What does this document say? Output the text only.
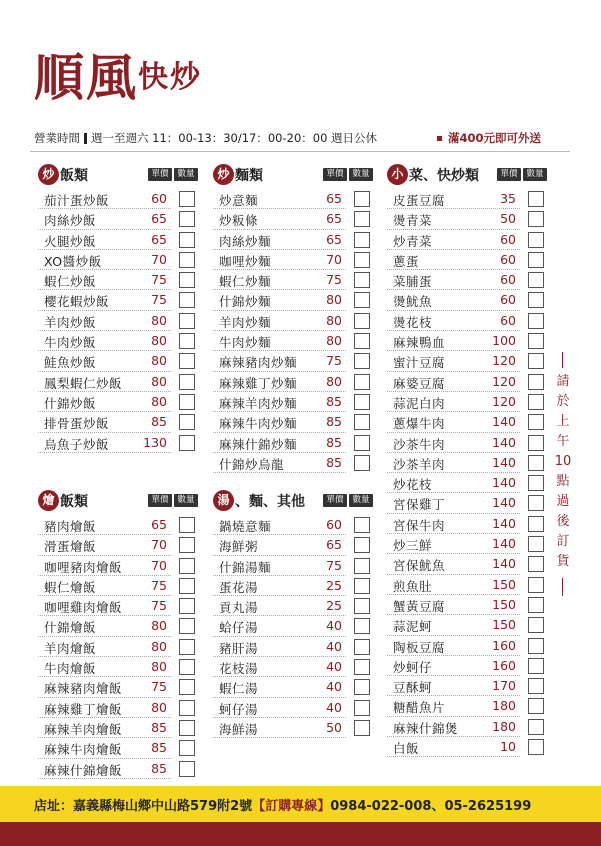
順風快炒
營業時間 週一至週六 11：00-13：30/17：00-20：00 週日公休	滿400元即可外送
炒 飯類	單價	數量
茄汁蛋炒飯	60
肉絲炒飯	65
火腿炒飯	65
XO醬炒飯	70
蝦仁炒飯	75
櫻花蝦炒飯	75
羊肉炒飯	80
牛肉炒飯	80
鮭魚炒飯	80
鳳梨蝦仁炒飯	80
什錦炒飯	80
排骨蛋炒飯	85
烏魚子炒飯	130
炒 麵類	單價	數量
炒意麵	65
炒粄條	65
肉絲炒麵	65
咖哩炒麵	70
蝦仁炒麵	75
什錦炒麵	80
羊肉炒麵	80
牛肉炒麵	80
麻辣豬肉炒麵	75
麻辣雞丁炒麵	80
麻辣羊肉炒麵	85
麻辣牛肉炒麵	85
麻辣什錦炒麵	85
什錦炒烏龍	85
燴 飯類	單價	數量
豬肉燴飯	65
滑蛋燴飯	70
咖哩豬肉燴飯	70
蝦仁燴飯	75
咖哩雞肉燴飯	75
什錦燴飯	80
羊肉燴飯	80
牛肉燴飯	80
麻辣豬肉燴飯	75
麻辣雞丁燴飯	80
麻辣羊肉燴飯	85
麻辣牛肉燴飯	85
麻辣什錦燴飯	85
湯 、麵、其他	單價	數量
鍋燒意麵	60
海鮮粥	65
什錦湯麵	75
蛋花湯	25
貢丸湯	25
蛤仔湯	40
豬肝湯	40
花枝湯	40
蝦仁湯	40
蚵仔湯	40
海鮮湯	50
小 菜、快炒類	單價	數量
皮蛋豆腐	35
燙青菜	50
炒青菜	60
蔥蛋	60
菜脯蛋	60
燙魷魚	60
燙花枝	60
麻辣鴨血	100
蜜汁豆腐	120
麻婆豆腐	120
蒜泥白肉	120
蔥爆牛肉	140
沙茶牛肉	140
沙茶羊肉	140
炒花枝	140
宮保雞丁	140
宮保牛肉	140
炒三鮮	140
宮保魷魚	140
煎魚肚	150
蟹黃豆腐	150
蒜泥蚵	150
陶板豆腐	160
炒蚵仔	160
豆酥蚵	170
糖醋魚片	180
麻辣什錦煲	180
白飯	10
請
於
上
午
10
點
過
後
訂
貨
店址：嘉義縣梅山鄉中山路579附2號【訂購專線】0984-022-008、05-2625199
